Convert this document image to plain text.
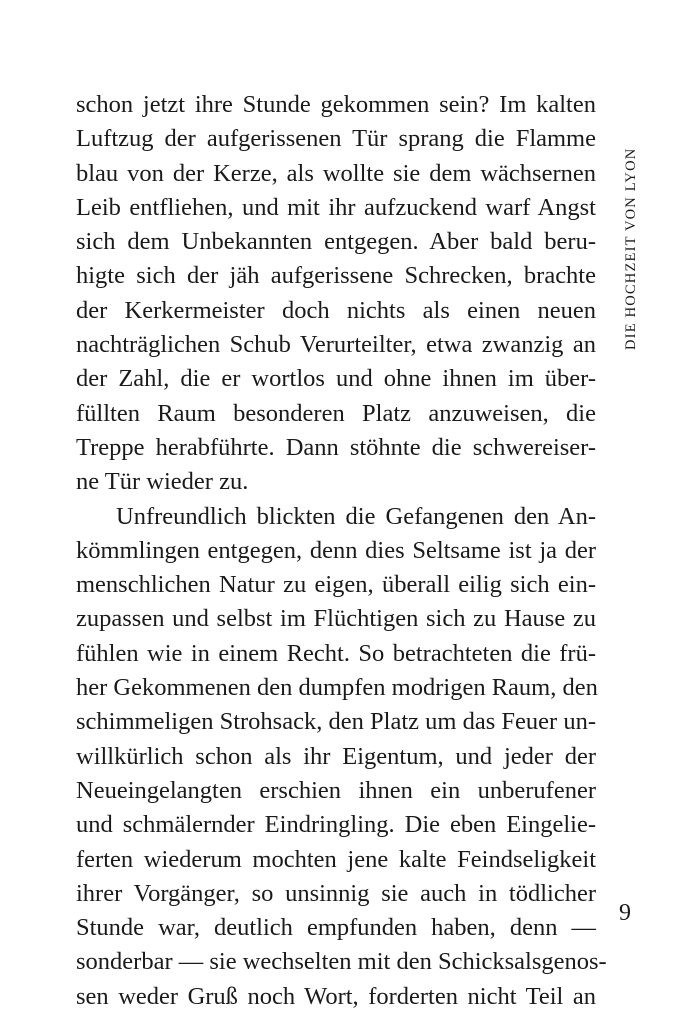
DIE HOCHZEIT VON LYON
schon jetzt ihre Stunde gekommen sein? Im kalten
Luftzug der aufgerissenen Tür sprang die Flamme
blau von der Kerze, als wollte sie dem wächsernen
Leib entfliehen, und mit ihr aufzuckend warf Angst
sich dem Unbekannten entgegen. Aber bald beru-
higte sich der jäh aufgerissene Schrecken, brachte
der Kerkermeister doch nichts als einen neuen
nachträglichen Schub Verurteilter, etwa zwanzig an
der Zahl, die er wortlos und ohne ihnen im über-
füllten Raum besonderen Platz anzuweisen, die
Treppe herabführte. Dann stöhnte die schwereiser-
ne Tür wieder zu.
Unfreundlich blickten die Gefangenen den An-
kömmlingen entgegen, denn dies Seltsame ist ja der
menschlichen Natur zu eigen, überall eilig sich ein-
zupassen und selbst im Flüchtigen sich zu Hause zu
fühlen wie in einem Recht. So betrachteten die frü-
her Gekommenen den dumpfen modrigen Raum, den
schimmeligen Strohsack, den Platz um das Feuer un-
willkürlich schon als ihr Eigentum, und jeder der
Neueingelangten erschien ihnen ein unberufener
und schmälernder Eindringling. Die eben Eingelie-
ferten wiederum mochten jene kalte Feindseligkeit
ihrer Vorgänger, so unsinnig sie auch in tödlicher
Stunde war, deutlich empfunden haben, denn —
sonderbar — sie wechselten mit den Schicksalsgenos-
sen weder Gruß noch Wort, forderten nicht Teil an
9
